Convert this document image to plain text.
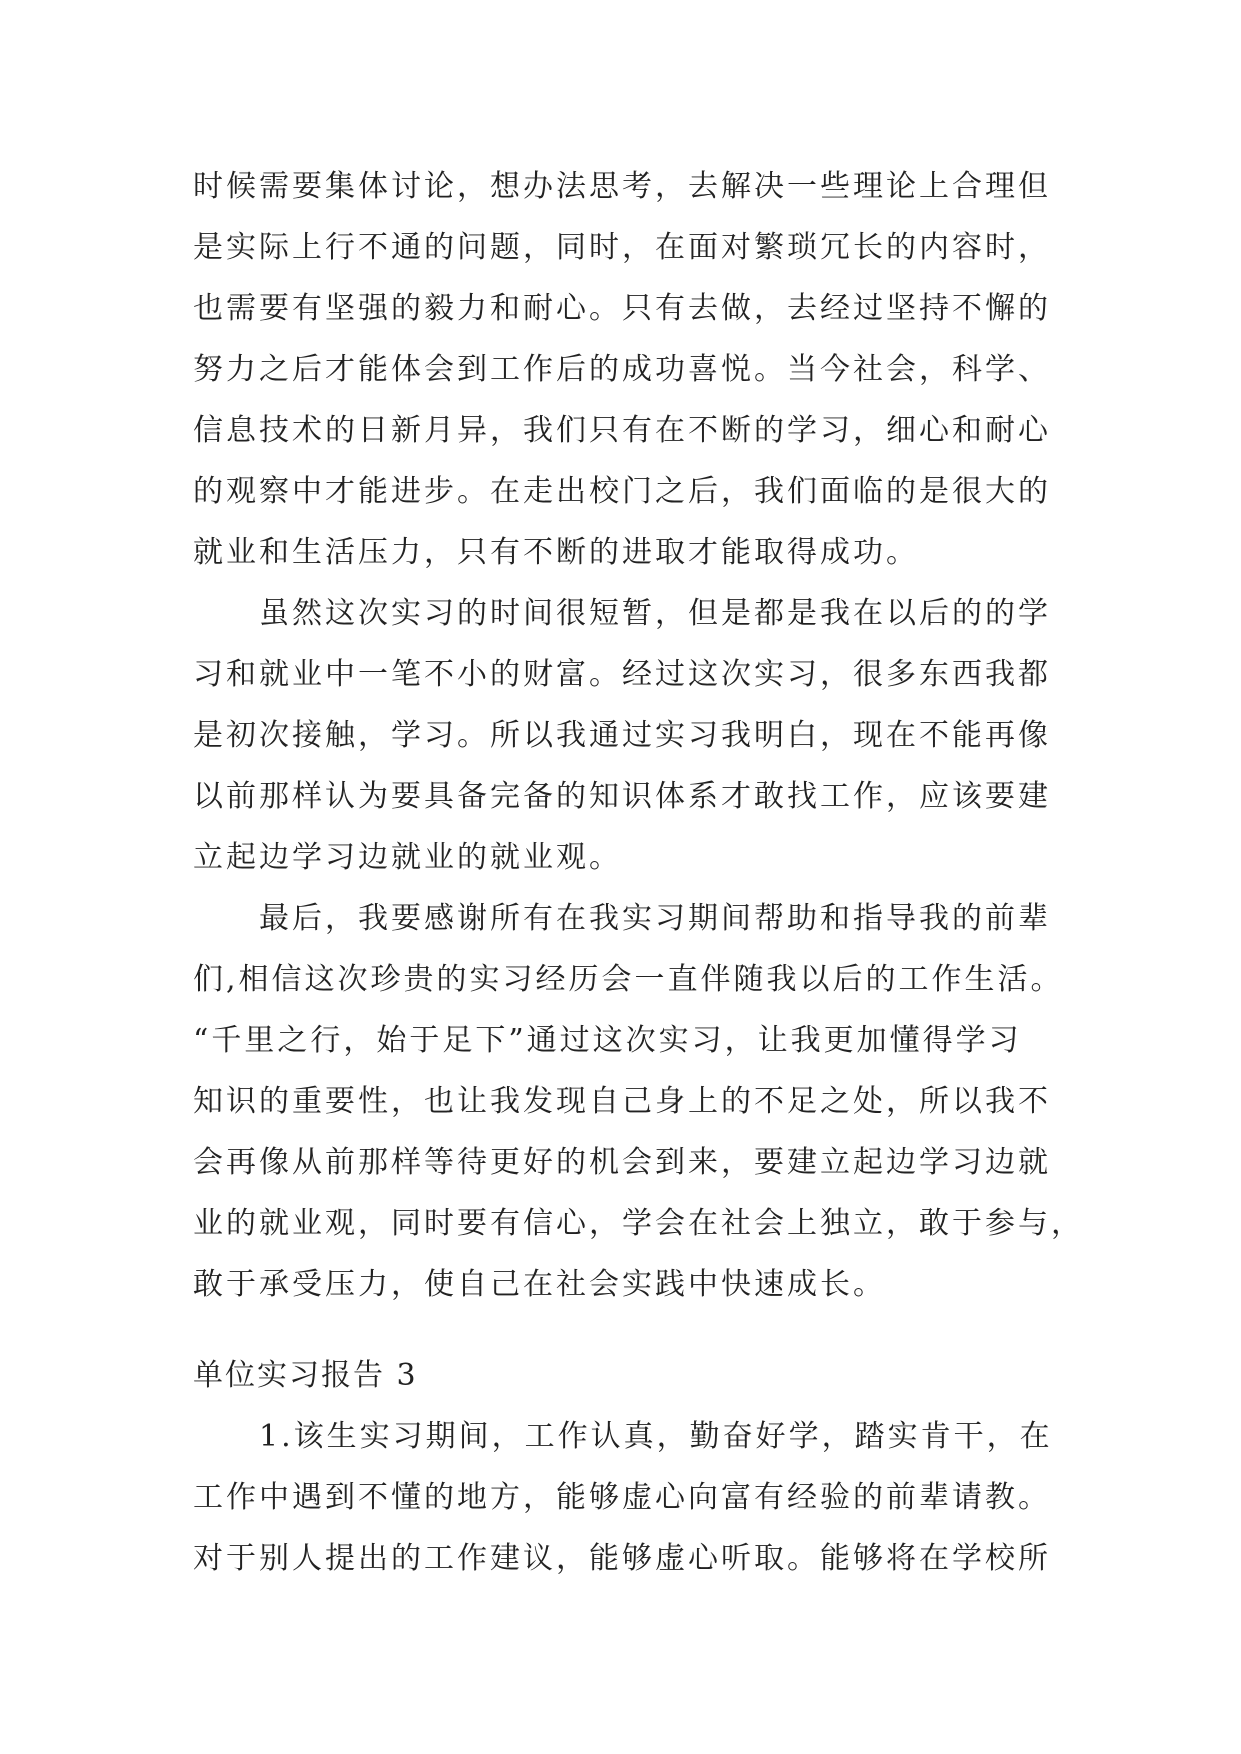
时候需要集体讨论，想办法思考，去解决一些理论上合理但
是实际上行不通的问题，同时，在面对繁琐冗长的内容时，
也需要有坚强的毅力和耐心。只有去做，去经过坚持不懈的
努力之后才能体会到工作后的成功喜悦。当今社会，科学、
信息技术的日新月异，我们只有在不断的学习，细心和耐心
的观察中才能进步。在走出校门之后，我们面临的是很大的
就业和生活压力，只有不断的进取才能取得成功。
　　虽然这次实习的时间很短暂，但是都是我在以后的的学
习和就业中一笔不小的财富。经过这次实习，很多东西我都
是初次接触，学习。所以我通过实习我明白，现在不能再像
以前那样认为要具备完备的知识体系才敢找工作，应该要建
立起边学习边就业的就业观。
　　最后，我要感谢所有在我实习期间帮助和指导我的前辈
们,相信这次珍贵的实习经历会一直伴随我以后的工作生活。
“千里之行，始于足下”通过这次实习，让我更加懂得学习
知识的重要性，也让我发现自己身上的不足之处，所以我不
会再像从前那样等待更好的机会到来，要建立起边学习边就
业的就业观，同时要有信心，学会在社会上独立，敢于参与，
敢于承受压力，使自己在社会实践中快速成长。
单位实习报告 3
　　1.该生实习期间，工作认真，勤奋好学，踏实肯干，在
工作中遇到不懂的地方，能够虚心向富有经验的前辈请教。
对于别人提出的工作建议，能够虚心听取。能够将在学校所
